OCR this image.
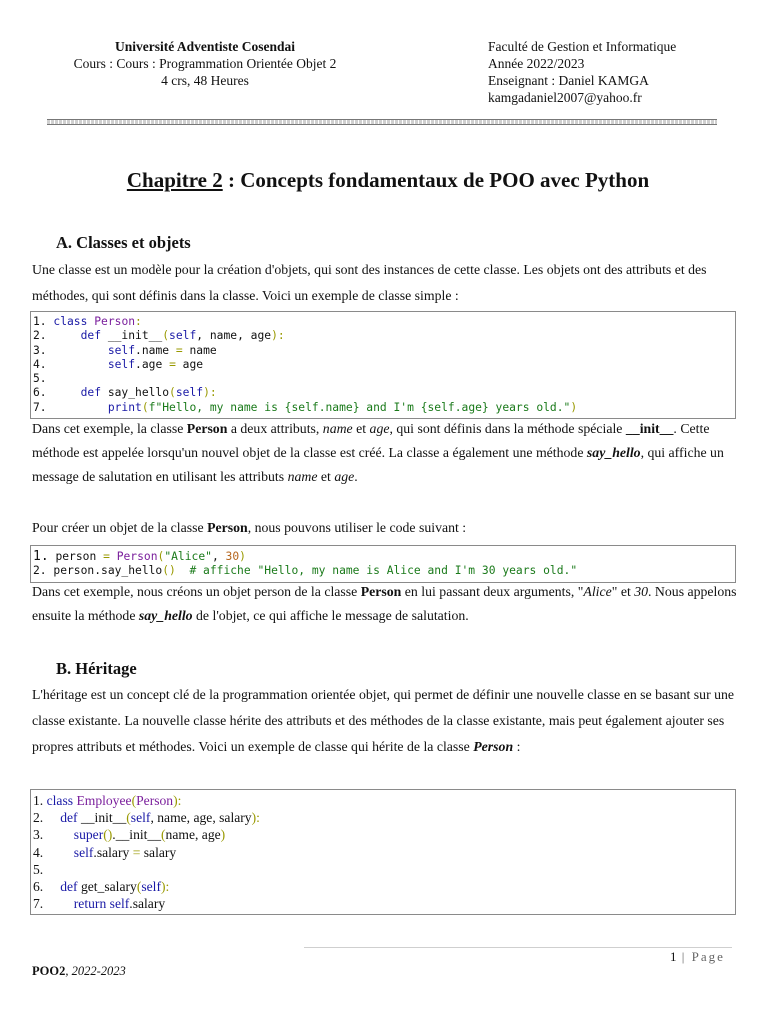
Université Adventiste Cosendai
Cours : Cours : Programmation Orientée Objet 2
4 crs, 48 Heures
Faculté de Gestion et Informatique
Année 2022/2023
Enseignant : Daniel KAMGA
kamgadaniel2007@yahoo.fr
Chapitre 2 : Concepts fondamentaux de POO avec Python
A. Classes et objets
Une classe est un modèle pour la création d'objets, qui sont des instances de cette classe. Les objets ont des attributs et des méthodes, qui sont définis dans la classe. Voici un exemple de classe simple :
1. class Person:
2.	def __init__(self, name, age):
3.	self.name = name
4.	self.age = age
5.
6.	def say_hello(self):
7.	print(f"Hello, my name is {self.name} and I'm {self.age} years old.")
Dans cet exemple, la classe Person a deux attributs, name et age, qui sont définis dans la méthode spéciale __init__. Cette méthode est appelée lorsqu'un nouvel objet de la classe est créé. La classe a également une méthode say_hello, qui affiche un message de salutation en utilisant les attributs name et age.
Pour créer un objet de la classe Person, nous pouvons utiliser le code suivant :
1. person = Person("Alice", 30)
2. person.say_hello() # affiche "Hello, my name is Alice and I'm 30 years old."
Dans cet exemple, nous créons un objet person de la classe Person en lui passant deux arguments, "Alice" et 30. Nous appelons ensuite la méthode say_hello de l'objet, ce qui affiche le message de salutation.
B. Héritage
L'héritage est un concept clé de la programmation orientée objet, qui permet de définir une nouvelle classe en se basant sur une classe existante. La nouvelle classe hérite des attributs et des méthodes de la classe existante, mais peut également ajouter ses propres attributs et méthodes. Voici un exemple de classe qui hérite de la classe Person :
1. class Employee(Person):
2.     def __init__(self, name, age, salary):
3.         super().__init__(name, age)
4.         self.salary = salary
5.
6.     def get_salary(self):
7.         return self.salary
1 | Page
POO2, 2022-2023
